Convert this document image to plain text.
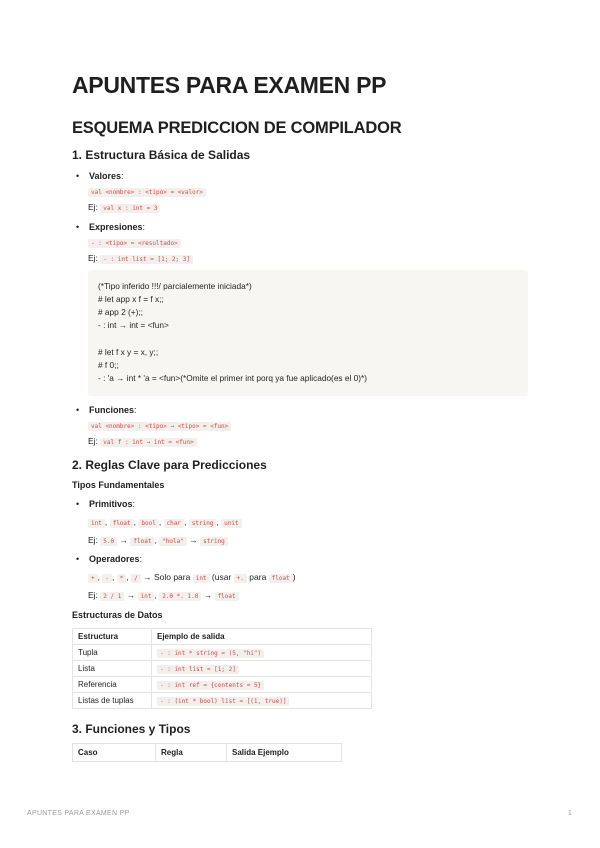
APUNTES PARA EXAMEN PP
ESQUEMA PREDICCION DE COMPILADOR
1. Estructura Básica de Salidas
• Valores:
val <nombre> : <tipo> = <valor>
Ej: val x : int = 3
• Expresiones:
- : <tipo> = <resultado>
Ej: - : int list = [1; 2; 3]
(*Tipo inferido !!!/ parcialemente iniciada*)
# let app x f = f x;;
# app 2 (+);;
- : int → int = <fun>
# let f x y = x, y;;
# f 0;;
- : 'a → int * 'a = <fun>(*Omite el primer int porq ya fue aplicado(es el 0)*)
• Funciones:
val <nombre> : <tipo> → <tipo> = <fun>
Ej: val f : int → int = <fun>
2. Reglas Clave para Predicciones
Tipos Fundamentales
• Primitivos:
int , float , bool , char , string , unit
Ej: 5.0 → float , "hola" → string
• Operadores:
+ , - , * , / → Solo para int (usar +. para float )
Ej: 2 / 1 → int , 2.0 *. 1.0 → float
Estructuras de Datos
Estructura	Ejemplo de salida
Tupla	- : int * string = (5, "hi")
Lista	- : int list = [1; 2]
Referencia	- : int ref = {contents = 5}
Listas de tuplas	- : (int * bool) list = [(1, true)]
3. Funciones y Tipos
Caso	Regla	Salida Ejemplo
APUNTES PARA EXAMEN PP	1
